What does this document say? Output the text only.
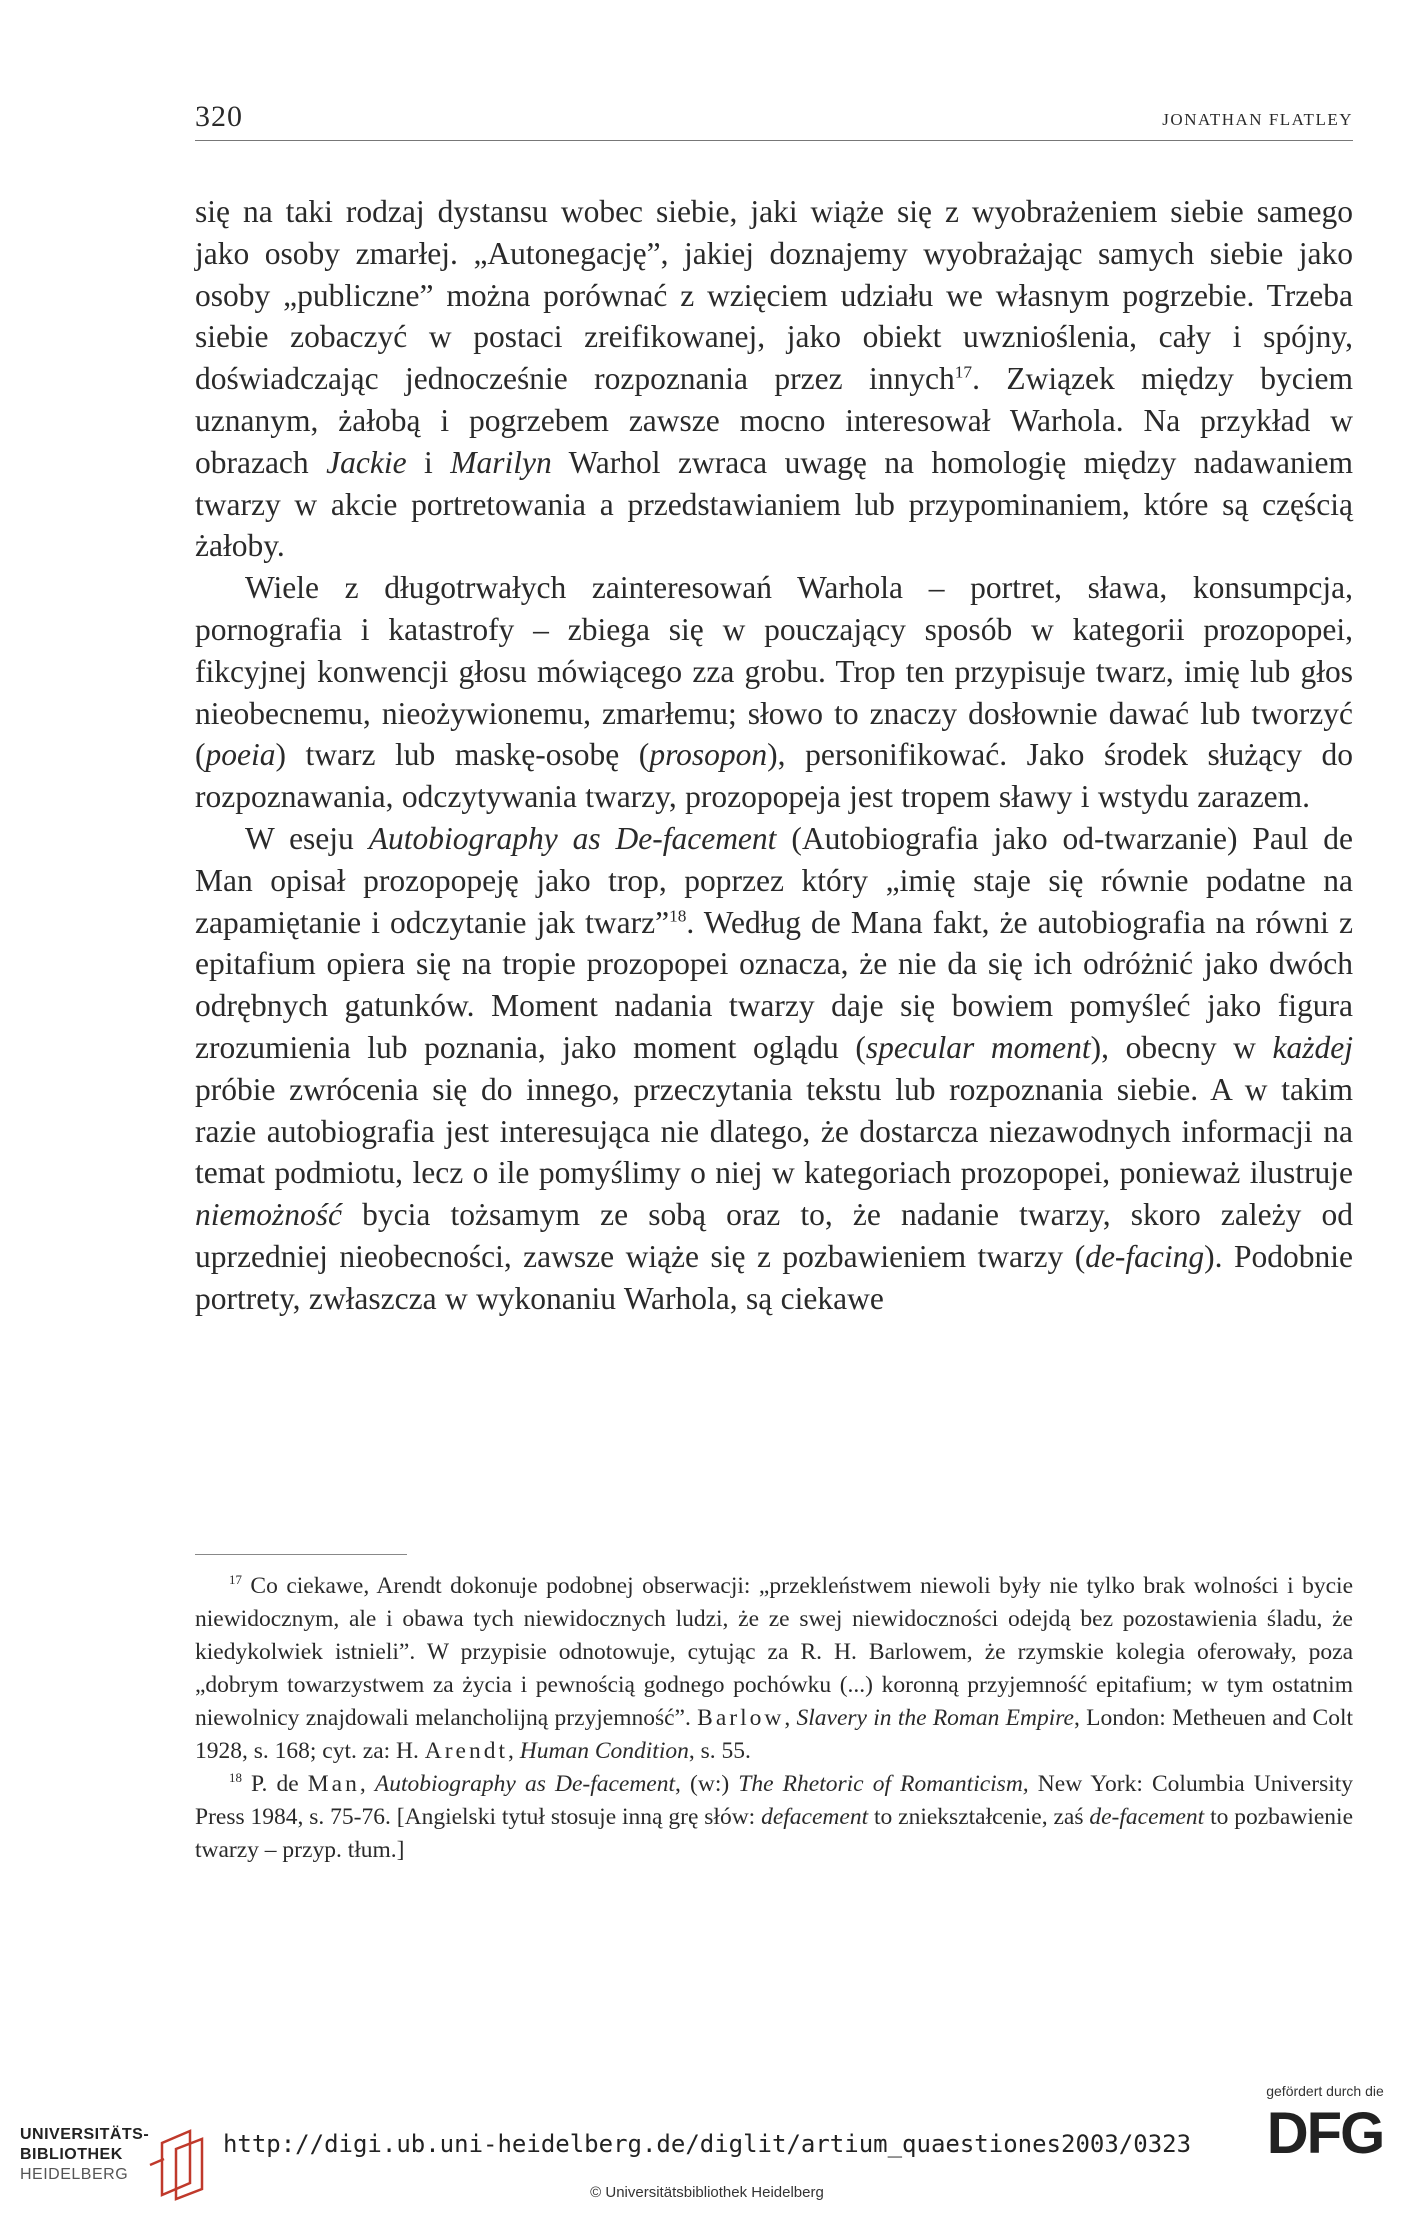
320	JONATHAN FLATLEY

się na taki rodzaj dystansu wobec siebie, jaki wiąże się z wyobrażeniem siebie samego jako osoby zmarłej. „Autonegację”, jakiej doznajemy wyobrażając samych siebie jako osoby „publiczne” można porównać z wzięciem udziału we własnym pogrzebie. Trzeba siebie zobaczyć w postaci zreifikowanej, jako obiekt uwznioślenia, cały i spójny, doświadczając jednocześnie rozpoznania przez innych$^{17}$. Związek między byciem uznanym, żałobą i pogrzebem zawsze mocno interesował Warhola. Na przykład w obrazach Jackie i Marilyn Warhol zwraca uwagę na homologię między nadawaniem twarzy w akcie portretowania a przedstawianiem lub przypominaniem, które są częścią żałoby.

Wiele z długotrwałych zainteresowań Warhola – portret, sława, konsumpcja, pornografia i katastrofy – zbiega się w pouczający sposób w kategorii prozopopei, fikcyjnej konwencji głosu mówiącego zza grobu. Trop ten przypisuje twarz, imię lub głos nieobecnemu, nieożywionemu, zmarłemu; słowo to znaczy dosłownie dawać lub tworzyć (poeia) twarz lub maskę-osobę (prosopon), personifikować. Jako środek służący do rozpoznawania, odczytywania twarzy, prozopopeja jest tropem sławy i wstydu zarazem.

W eseju Autobiography as De-facement (Autobiografia jako od-twarzanie) Paul de Man opisał prozopopeję jako trop, poprzez który „imię staje się równie podatne na zapamiętanie i odczytanie jak twarz”$^{18}$. Według de Mana fakt, że autobiografia na równi z epitafium opiera się na tropie prozopopei oznacza, że nie da się ich odróżnić jako dwóch odrębnych gatunków. Moment nadania twarzy daje się bowiem pomyśleć jako figura zrozumienia lub poznania, jako moment oglądu (specular moment), obecny w każdej próbie zwrócenia się do innego, przeczytania tekstu lub rozpoznania siebie. A w takim razie autobiografia jest interesująca nie dlatego, że dostarcza niezawodnych informacji na temat podmiotu, lecz o ile pomyślimy o niej w kategoriach prozopopei, ponieważ ilustruje niemożność bycia tożsamym ze sobą oraz to, że nadanie twarzy, skoro zależy od uprzedniej nieobecności, zawsze wiąże się z pozbawieniem twarzy (de-facing). Podobnie portrety, zwłaszcza w wykonaniu Warhola, są ciekawe

$^{17}$ Co ciekawe, Arendt dokonuje podobnej obserwacji: „przekleństwem niewoli były nie tylko brak wolności i bycie niewidocznym, ale i obawa tych niewidocznych ludzi, że ze swej niewidoczności odejdą bez pozostawienia śladu, że kiedykolwiek istnieli”. W przypisie odnotowuje, cytując za R. H. Barlowem, że rzymskie kolegia oferowały, poza „dobrym towarzystwem za życia i pewnością godnego pochówku (...) koronną przyjemność epitafium; w tym ostatnim niewolnicy znajdowali melancholijną przyjemność”. Barlow, Slavery in the Roman Empire, London: Metheuen and Colt 1928, s. 168; cyt. za: H. Arendt, Human Condition, s. 55.

$^{18}$ P. de Man, Autobiography as De-facement, (w:) The Rhetoric of Romanticism, New York: Columbia University Press 1984, s. 75-76. [Angielski tytuł stosuje inną grę słów: defacement to zniekształcenie, zaś de-facement to pozbawienie twarzy – przyp. tłum.]

UNIVERSITÄTS-
BIBLIOTHEK
HEIDELBERG
http://digi.ub.uni-heidelberg.de/diglit/artium_quaestiones2003/0323
© Universitätsbibliothek Heidelberg
gefördert durch die
DFG
